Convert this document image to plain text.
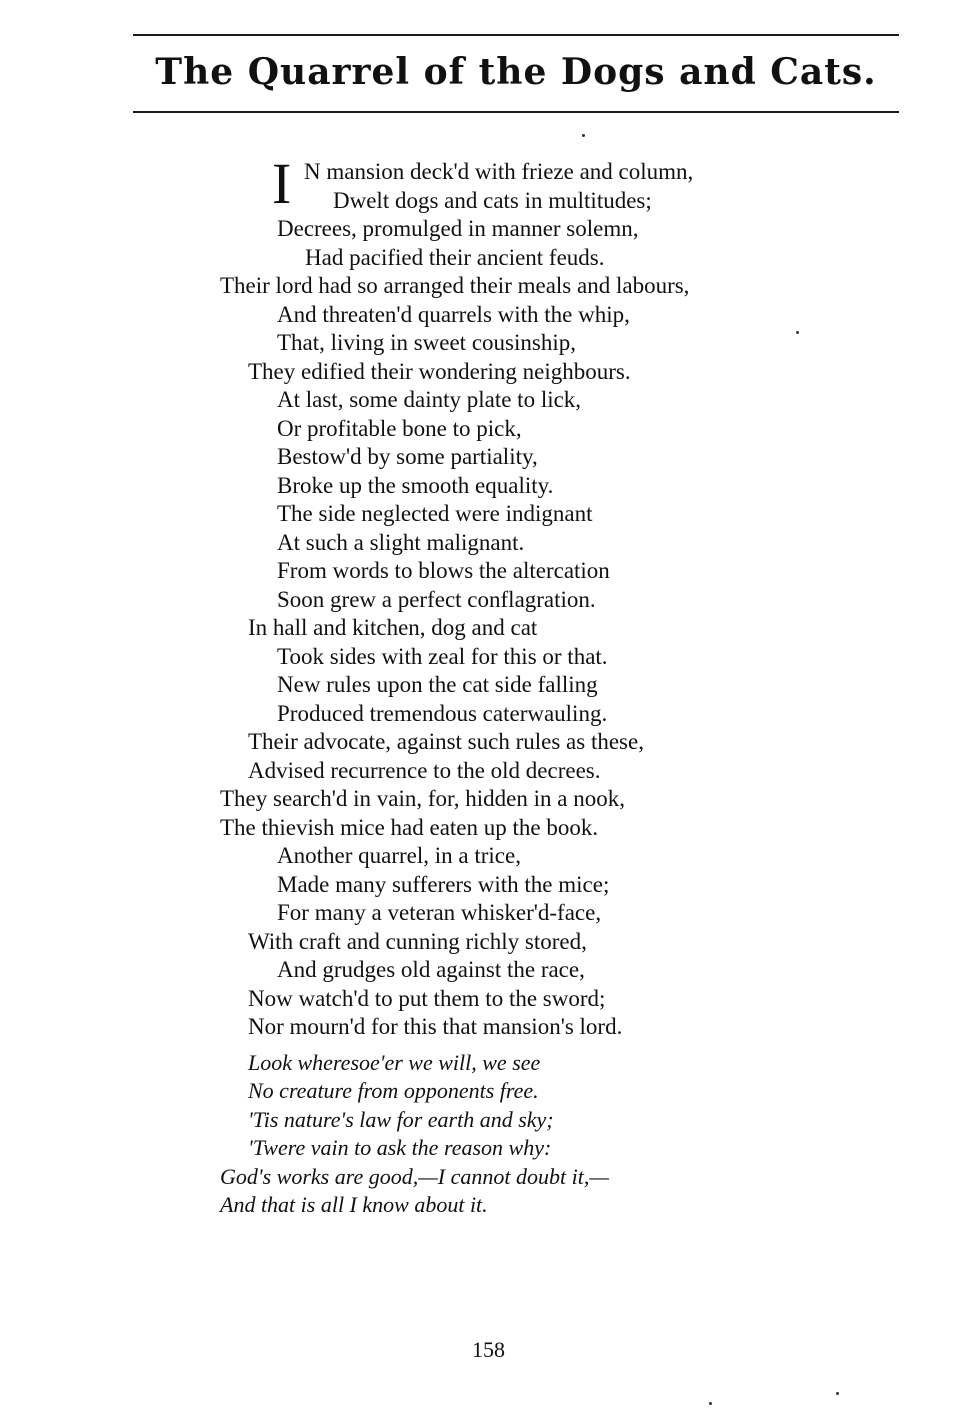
The Quarrel of the Dogs and Cats.
I N mansion deck'd with frieze and column,
Dwelt dogs and cats in multitudes;
Decrees, promulged in manner solemn,
Had pacified their ancient feuds.
Their lord had so arranged their meals and labours,
And threaten'd quarrels with the whip,
That, living in sweet cousinship,
They edified their wondering neighbours.
At last, some dainty plate to lick,
Or profitable bone to pick,
Bestow'd by some partiality,
Broke up the smooth equality.
The side neglected were indignant
At such a slight malignant.
From words to blows the altercation
Soon grew a perfect conflagration.
In hall and kitchen, dog and cat
Took sides with zeal for this or that.
New rules upon the cat side falling
Produced tremendous caterwauling.
Their advocate, against such rules as these,
Advised recurrence to the old decrees.
They search'd in vain, for, hidden in a nook,
The thievish mice had eaten up the book.
Another quarrel, in a trice,
Made many sufferers with the mice;
For many a veteran whisker'd-face,
With craft and cunning richly stored,
And grudges old against the race,
Now watch'd to put them to the sword;
Nor mourn'd for this that mansion's lord.
Look wheresoe'er we will, we see
No creature from opponents free.
'Tis nature's law for earth and sky;
'Twere vain to ask the reason why:
God's works are good,—I cannot doubt it,—
And that is all I know about it.
158
